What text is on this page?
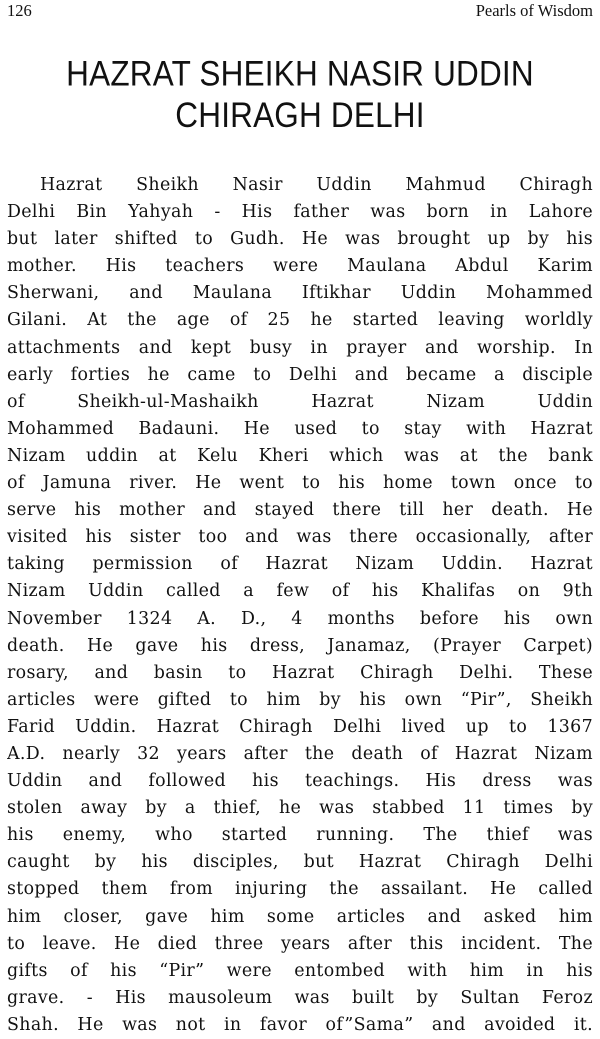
126	Pearls of Wisdom
HAZRAT SHEIKH NASIR UDDIN
CHIRAGH DELHI
Hazrat Sheikh Nasir Uddin Mahmud Chiragh
Delhi Bin Yahyah - His father was born in Lahore
but later shifted to Gudh. He was brought up by his
mother. His teachers were Maulana Abdul Karim
Sherwani, and Maulana Iftikhar Uddin Mohammed
Gilani. At the age of 25 he started leaving worldly
attachments and kept busy in prayer and worship. In
early forties he came to Delhi and became a disciple
of Sheikh-ul-Mashaikh Hazrat Nizam Uddin
Mohammed Badauni. He used to stay with Hazrat
Nizam uddin at Kelu Kheri which was at the bank
of Jamuna river. He went to his home town once to
serve his mother and stayed there till her death. He
visited his sister too and was there occasionally, after
taking permission of Hazrat Nizam Uddin. Hazrat
Nizam Uddin called a few of his Khalifas on 9th
November 1324 A. D., 4 months before his own
death. He gave his dress, Janamaz, (Prayer Carpet)
rosary, and basin to Hazrat Chiragh Delhi. These
articles were gifted to him by his own “Pir”, Sheikh
Farid Uddin. Hazrat Chiragh Delhi lived up to 1367
A.D. nearly 32 years after the death of Hazrat Nizam
Uddin and followed his teachings. His dress was
stolen away by a thief, he was stabbed 11 times by
his enemy, who started running. The thief was
caught by his disciples, but Hazrat Chiragh Delhi
stopped them from injuring the assailant. He called
him closer, gave him some articles and asked him
to leave. He died three years after this incident. The
gifts of his “Pir” were entombed with him in his
grave. - His mausoleum was built by Sultan Feroz
Shah. He was not in favor of”Sama” and avoided it.
